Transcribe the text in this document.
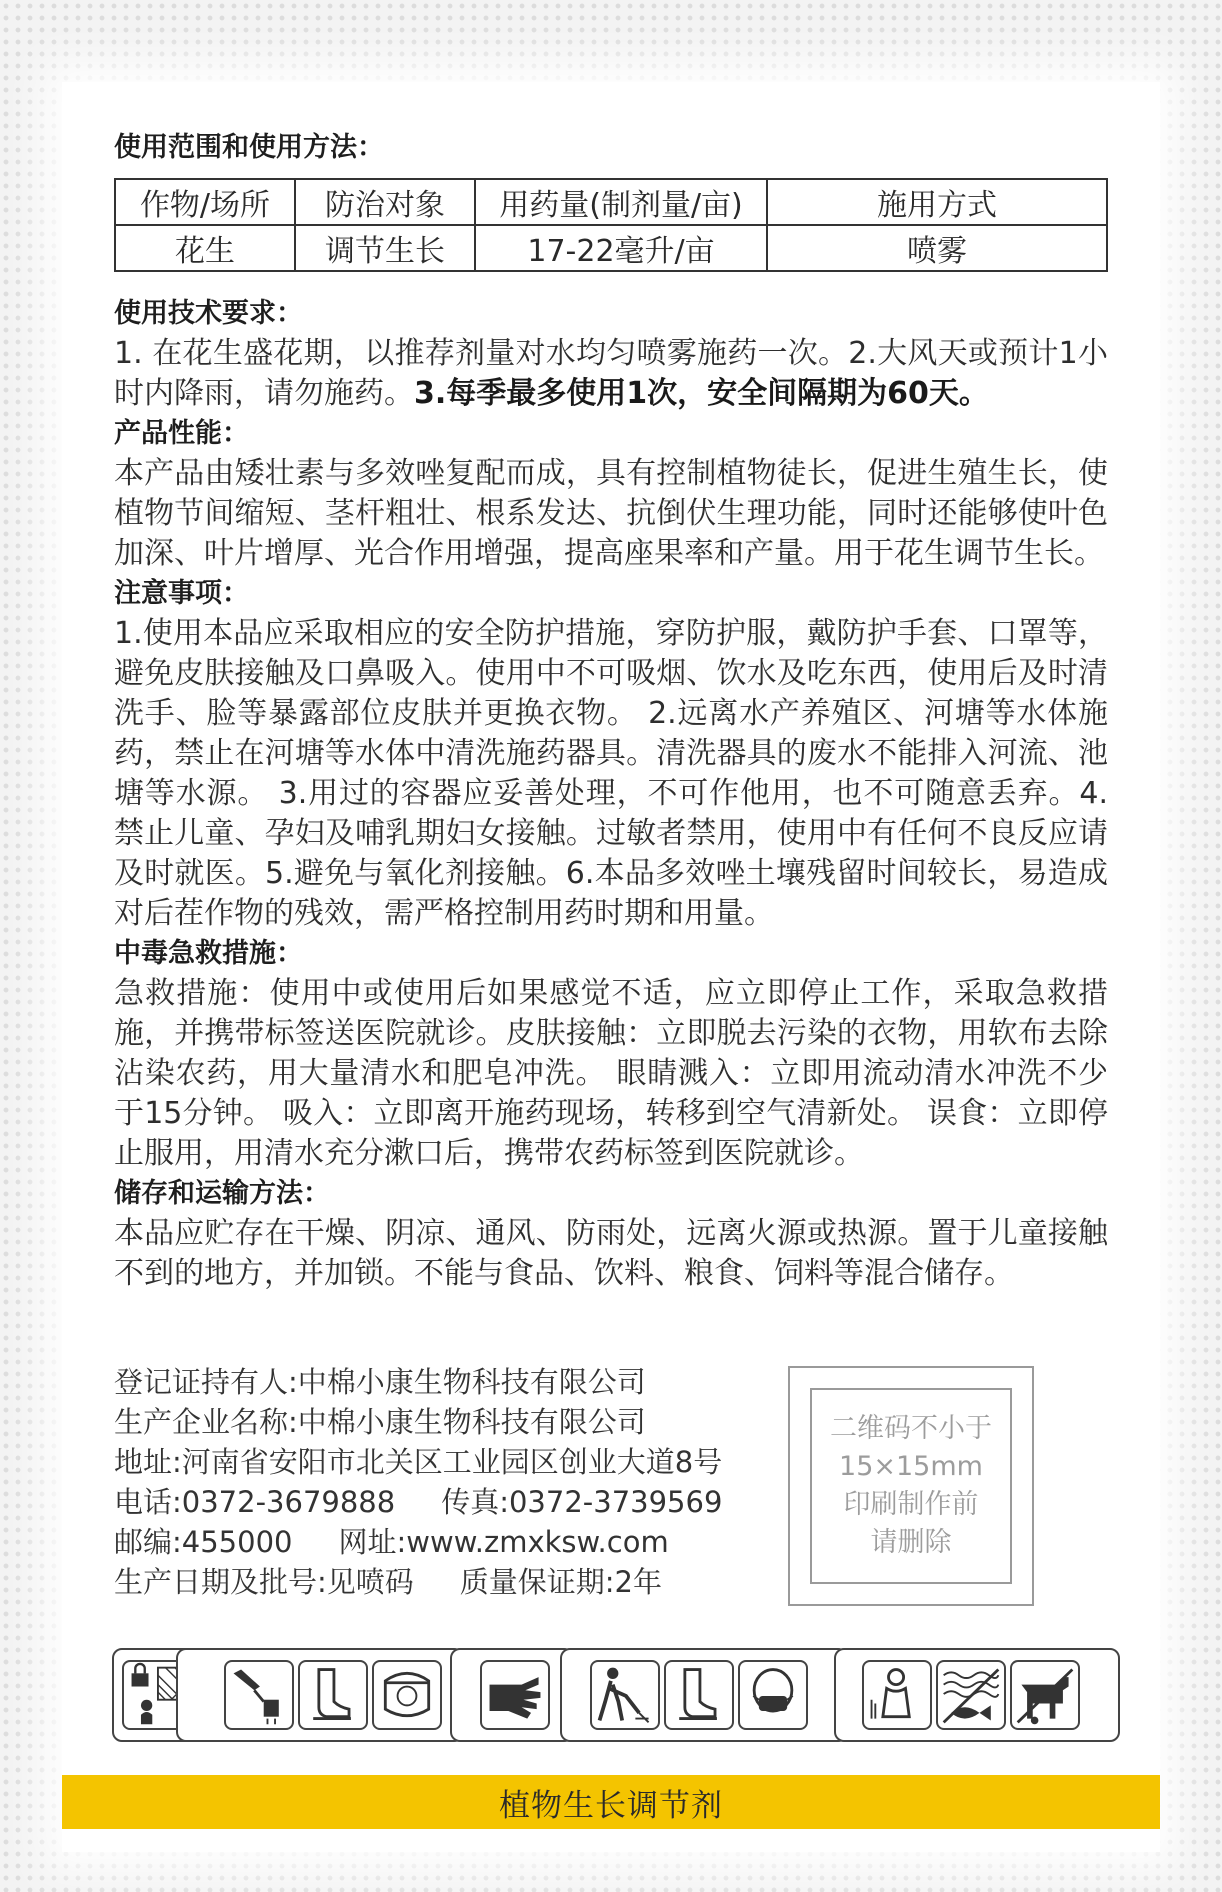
使用范围和使用方法：

作物/场所	防治对象	用药量(制剂量/亩)	施用方式
花生	调节生长	17-22毫升/亩	喷雾

使用技术要求：

1. 在花生盛花期，以推荐剂量对水均匀喷雾施药一次。2.大风天或预计1小时内降雨，请勿施药。3.每季最多使用1次，安全间隔期为60天。

产品性能：

本产品由矮壮素与多效唑复配而成，具有控制植物徒长，促进生殖生长，使植物节间缩短、茎杆粗壮、根系发达、抗倒伏生理功能，同时还能够使叶色加深、叶片增厚、光合作用增强，提高座果率和产量。用于花生调节生长。

注意事项：

1.使用本品应采取相应的安全防护措施，穿防护服，戴防护手套、口罩等，避免皮肤接触及口鼻吸入。使用中不可吸烟、饮水及吃东西，使用后及时清洗手、脸等暴露部位皮肤并更换衣物。 2.远离水产养殖区、河塘等水体施药，禁止在河塘等水体中清洗施药器具。清洗器具的废水不能排入河流、池塘等水源。 3.用过的容器应妥善处理，不可作他用，也不可随意丢弃。4.禁止儿童、孕妇及哺乳期妇女接触。过敏者禁用，使用中有任何不良反应请及时就医。5.避免与氧化剂接触。6.本品多效唑土壤残留时间较长，易造成对后茬作物的残效，需严格控制用药时期和用量。

中毒急救措施：

急救措施：使用中或使用后如果感觉不适，应立即停止工作，采取急救措施，并携带标签送医院就诊。皮肤接触：立即脱去污染的衣物，用软布去除沾染农药，用大量清水和肥皂冲洗。 眼睛溅入：立即用流动清水冲洗不少于15分钟。 吸入：立即离开施药现场，转移到空气清新处。 误食：立即停止服用，用清水充分漱口后，携带农药标签到医院就诊。

储存和运输方法：

本品应贮存在干燥、阴凉、通风、防雨处，远离火源或热源。置于儿童接触不到的地方，并加锁。不能与食品、饮料、粮食、饲料等混合储存。

登记证持有人:中棉小康生物科技有限公司
生产企业名称:中棉小康生物科技有限公司
地址:河南省安阳市北关区工业园区创业大道8号
电话:0372-3679888 传真:0372-3739569
邮编:455000 网址:www.zmxksw.com
生产日期及批号:见喷码 质量保证期:2年
二维码不小于
15×15mm
印刷制作前
请删除
植物生长调节剂
